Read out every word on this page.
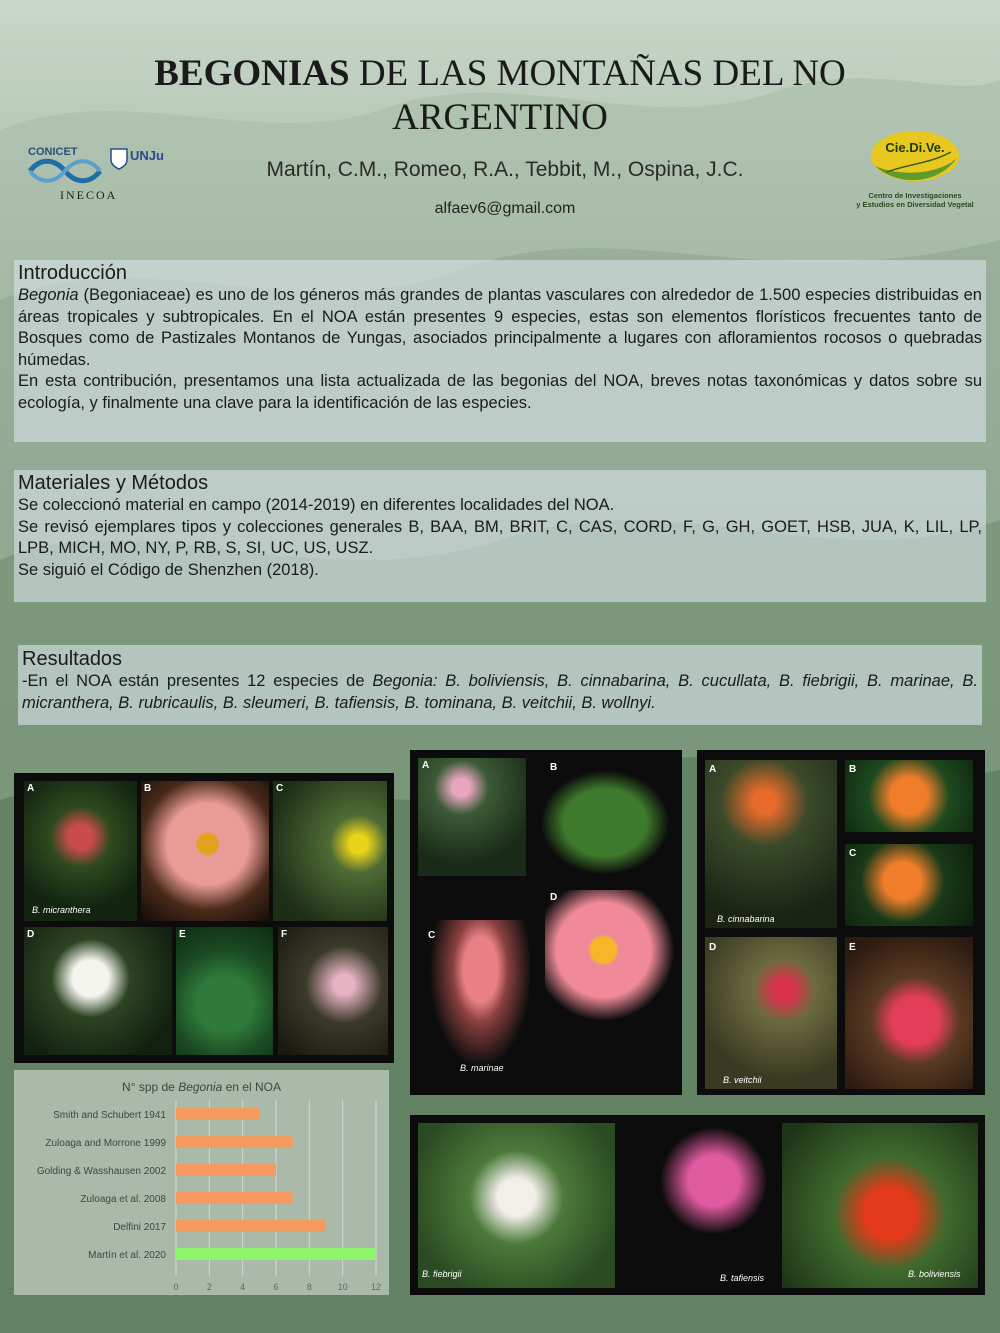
BEGONIAS DE LAS MONTAÑAS DEL NO ARGENTINO
Martín, C.M., Romeo, R.A., Tebbit, M., Ospina, J.C.
alfaev6@gmail.com
CONICET	UNJu
INECOA
Cie.Di.Ve.
Centro de Investigaciones
y Estudios en Diversidad Vegetal
Introducción

Begonia (Begoniaceae) es uno de los géneros más grandes de plantas vasculares con alrededor de 1.500 especies distribuidas en áreas tropicales y subtropicales. En el NOA están presentes 9 especies, estas son elementos florísticos frecuentes tanto de Bosques como de Pastizales Montanos de Yungas, asociados principalmente a lugares con afloramientos rocosos o quebradas húmedas.

En esta contribución, presentamos una lista actualizada de las begonias del NOA, breves notas taxonómicas y datos sobre su ecología, y finalmente una clave para la identificación de las especies.

Materiales y Métodos

Se coleccionó material en campo (2014-2019) en diferentes localidades del NOA.

Se revisó ejemplares tipos y colecciones generales B, BAA, BM, BRIT, C, CAS, CORD, F, G, GH, GOET, HSB, JUA, K, LIL, LP, LPB, MICH, MO, NY, P, RB, S, SI, UC, US, USZ.

Se siguió el Código de Shenzhen (2018).

Resultados

-En el NOA están presentes 12 especies de Begonia: B. boliviensis, B. cinnabarina, B. cucullata, B. fiebrigii, B. marinae, B. micranthera, B. rubricaulis, B. sleumeri, B. tafiensis, B. tominana, B. veitchii, B. wollnyi.

A	B	C
D	E	F
B. micranthera
A	B
C
D
B. marinae
A	B
C
D	E
B. cinnabarina
B. veitchii
B. fiebrigii	B. tafiensis	B. boliviensis
N° spp de Begonia en el NOA
0	2	4	6	8	10	12
Smith and Schubert 1941
Zuloaga and Morrone 1999
Golding & Wasshausen 2002
Zuloaga et al. 2008
Delfini 2017
Martín et al. 2020
